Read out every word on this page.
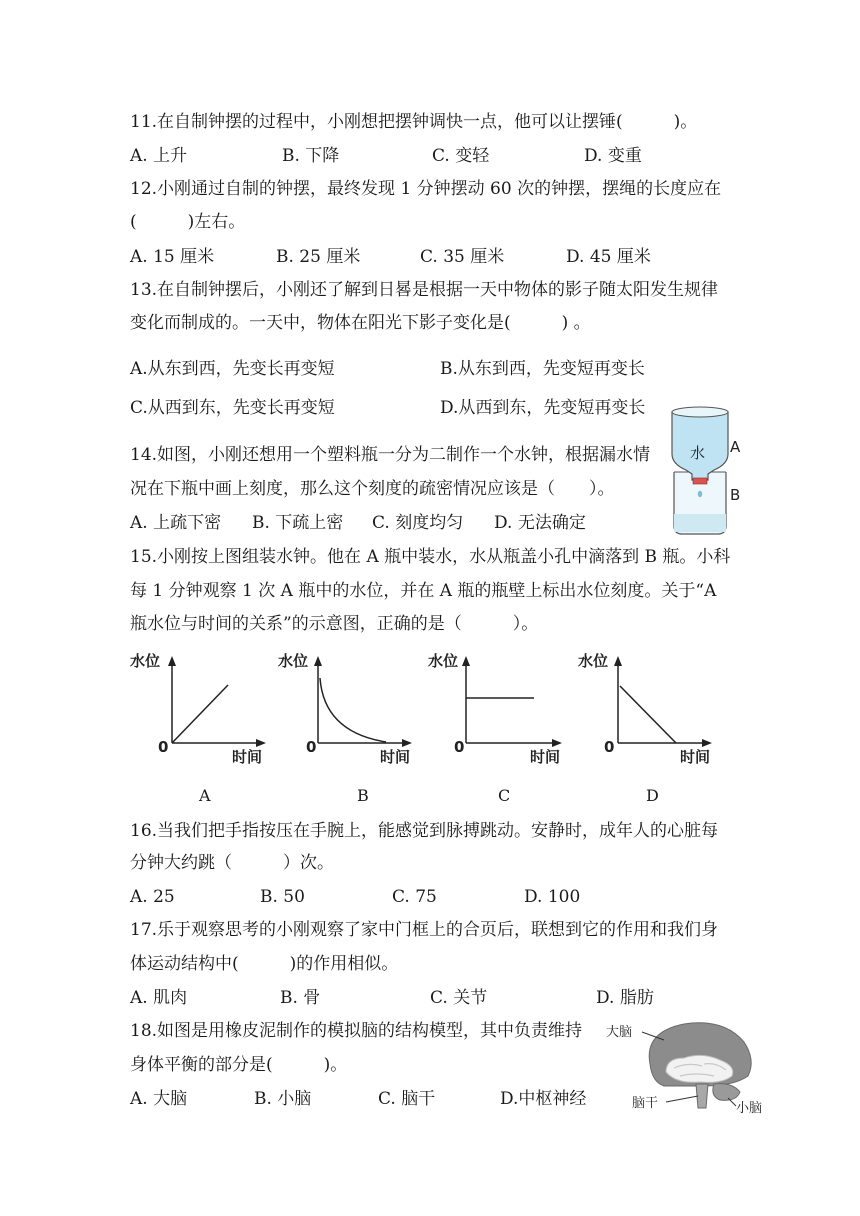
11.在自制钟摆的过程中，小刚想把摆钟调快一点，他可以让摆锤(　　　)。
A. 上升	B. 下降	C. 变轻	D. 变重
12.小刚通过自制的钟摆，最终发现 1 分钟摆动 60 次的钟摆，摆绳的长度应在
(　　　)左右。
A. 15 厘米	B. 25 厘米	C. 35 厘米	D. 45 厘米
13.在自制钟摆后，小刚还了解到日晷是根据一天中物体的影子随太阳发生规律
变化而制成的。一天中，物体在阳光下影子变化是(　　　) 。
A.从东到西，先变长再变短	B.从东到西，先变短再变长
C.从西到东，先变长再变短	D.从西到东，先变短再变长
14.如图，小刚还想用一个塑料瓶一分为二制作一个水钟，根据漏水情
况在下瓶中画上刻度，那么这个刻度的疏密情况应该是（　　）。
A. 上疏下密 B. 下疏上密 C. 刻度均匀 D. 无法确定
水 A
B
15.小刚按上图组装水钟。他在 A 瓶中装水，水从瓶盖小孔中滴落到 B 瓶。小科
每 1 分钟观察 1 次 A 瓶中的水位，并在 A 瓶的瓶壁上标出水位刻度。关于“A
瓶水位与时间的关系”的示意图，正确的是（　　　）。
水位
0
时间
水位
0
时间
水位
0
时间
水位
0
时间
A	B	C	D
16.当我们把手指按压在手腕上，能感觉到脉搏跳动。安静时，成年人的心脏每
分钟大约跳（　　　）次。
A. 25	B. 50	C. 75	D. 100
17.乐于观察思考的小刚观察了家中门框上的合页后，联想到它的作用和我们身
体运动结构中(　　　)的作用相似。
A. 肌肉	B. 骨	C. 关节	D. 脂肪
18.如图是用橡皮泥制作的模拟脑的结构模型，其中负责维持
身体平衡的部分是(　　　)。
A. 大脑	B. 小脑	C. 脑干	D.中枢神经
大脑
脑干	小脑
